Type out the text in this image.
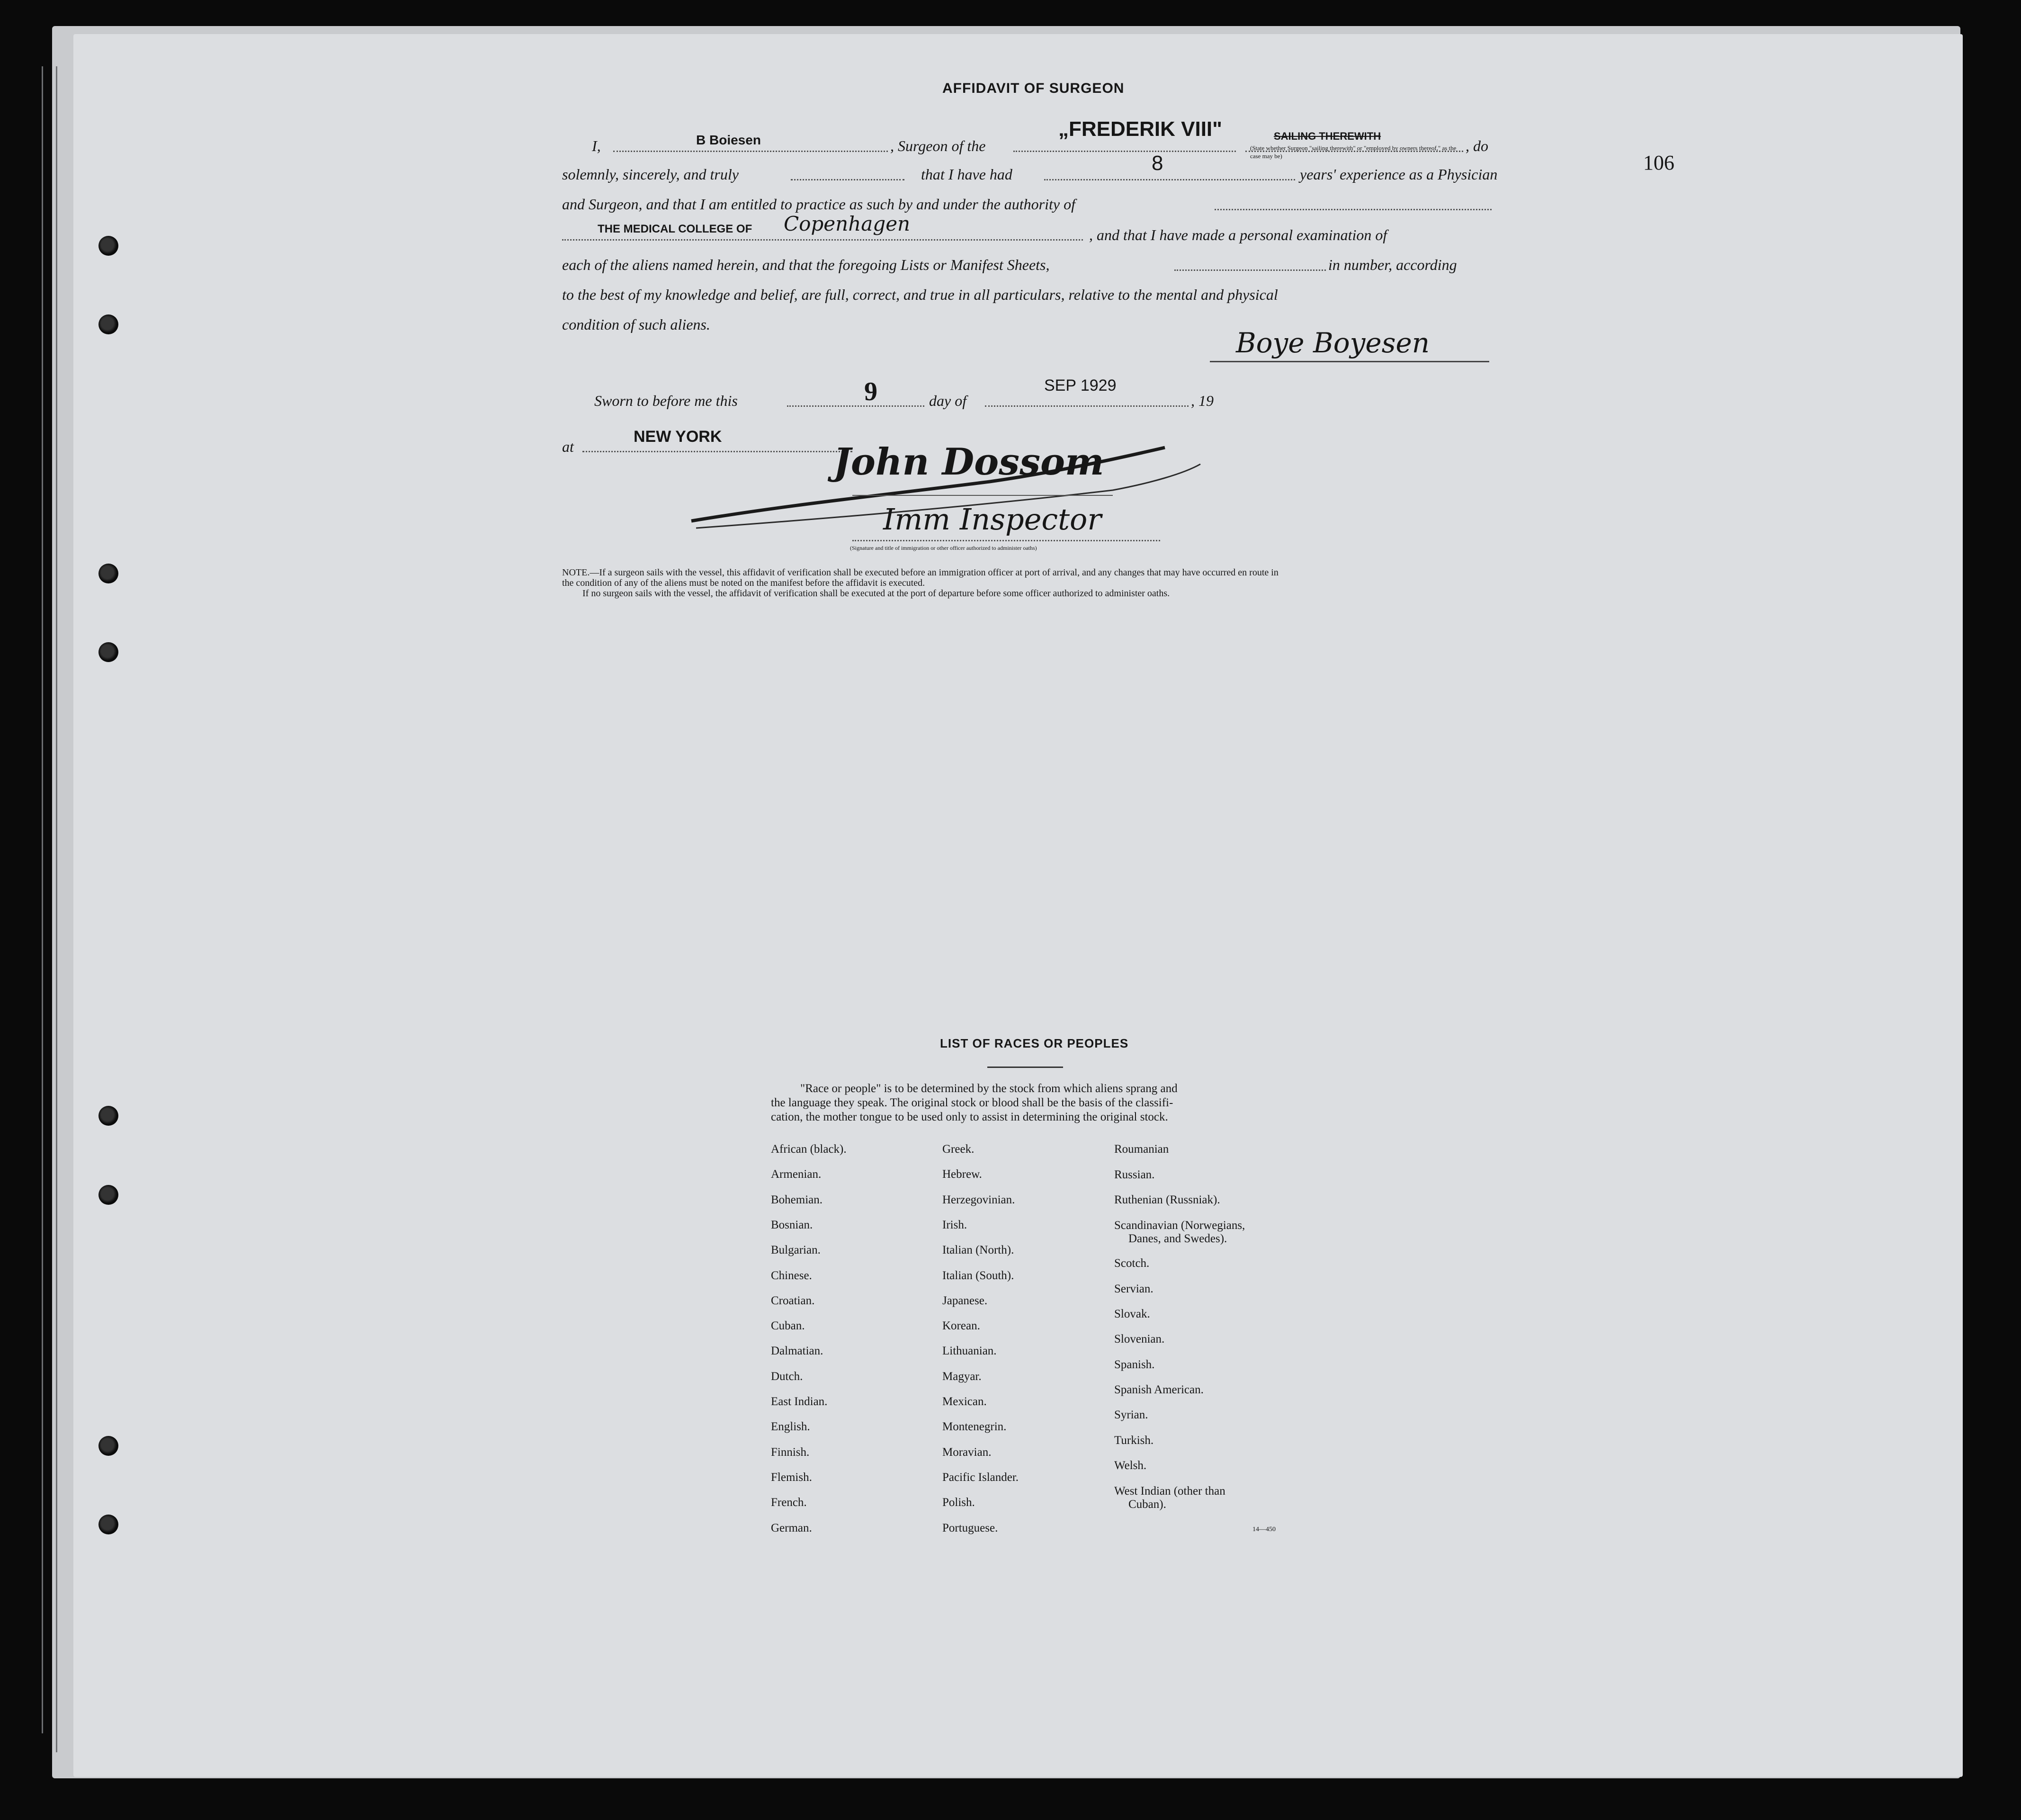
106
AFFIDAVIT OF SURGEON
I,	B Boiesen	, Surgeon of the
„FREDERIK VIII"	SAILING THEREWITH
(State whether Surgeon "sailing therewith" or "employed by owners thereof," as the case may be)
, do
solemnly, sincerely, and truly	that I have had	8	years' experience as a Physician
and Surgeon, and that I am entitled to practice as such by and under the authority of
THE MEDICAL COLLEGE OF Copenhagen	, and that I have made a personal examination of
each of the aliens named herein, and that the foregoing Lists or Manifest Sheets,	in number, according
to the best of my knowledge and belief, are full, correct, and true in all particulars, relative to the mental and physical
condition of such aliens.
Boye Boyesen
Sworn to before me this	9	day of
SEP 1929
, 19
at
NEW YORK
John Dossom
Imm Inspector
(Signature and title of immigration or other officer authorized to administer oaths)
NOTE.—If a surgeon sails with the vessel, this affidavit of verification shall be executed before an immigration officer at port of arrival, and any changes that may have occurred en route in
the condition of any of the aliens must be noted on the manifest before the affidavit is executed.
If no surgeon sails with the vessel, the affidavit of verification shall be executed at the port of departure before some officer authorized to administer oaths.
LIST OF RACES OR PEOPLES
"Race or people" is to be determined by the stock from which aliens sprang and
the language they speak. The original stock or blood shall be the basis of the classifi-
cation, the mother tongue to be used only to assist in determining the original stock.
African (black).
Armenian.
Bohemian.
Bosnian.
Bulgarian.
Chinese.
Croatian.
Cuban.
Dalmatian.
Dutch.
East Indian.
English.
Finnish.
Flemish.
French.
German.
Greek.
Hebrew.
Herzegovinian.
Irish.
Italian (North).
Italian (South).
Japanese.
Korean.
Lithuanian.
Magyar.
Mexican.
Montenegrin.
Moravian.
Pacific Islander.
Polish.
Portuguese.
Roumanian
Russian.
Ruthenian (Russniak).
Scandinavian (Norwegians,
Danes, and Swedes).
Scotch.
Servian.
Slovak.
Slovenian.
Spanish.
Spanish American.
Syrian.
Turkish.
Welsh.
West Indian (other than
Cuban).
14—450
